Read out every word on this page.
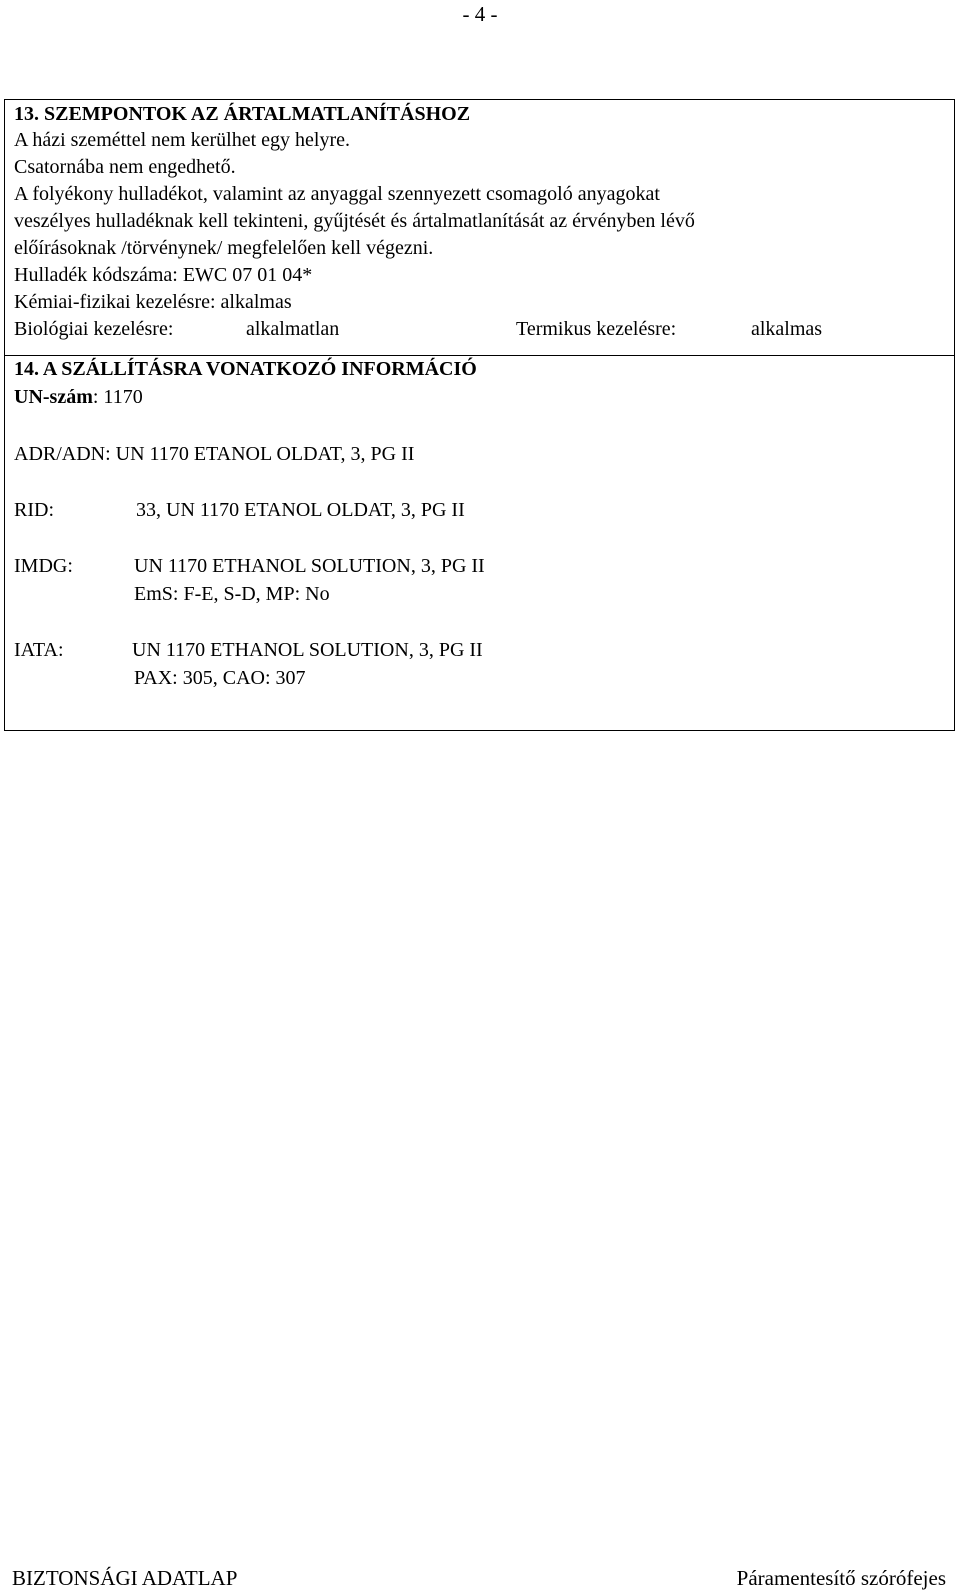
- 4 -
13. SZEMPONTOK AZ ÁRTALMATLANÍTÁSHOZ
A házi szeméttel nem kerülhet egy helyre.
Csatornába nem engedhető.
A folyékony hulladékot, valamint az anyaggal szennyezett csomagoló anyagokat
veszélyes hulladéknak kell tekinteni, gyűjtését és ártalmatlanítását az érvényben lévő
előírásoknak /törvénynek/ megfelelően kell végezni.
Hulladék kódszáma: EWC 07 01 04*
Kémiai-fizikai kezelésre: alkalmas
Biológiai kezelésre:	alkalmatlan	Termikus kezelésre:	alkalmas
14. A SZÁLLÍTÁSRA VONATKOZÓ INFORMÁCIÓ
UN-szám: 1170
ADR/ADN: UN 1170 ETANOL OLDAT, 3, PG II
RID:	33, UN 1170 ETANOL OLDAT, 3, PG II
IMDG:	UN 1170 ETHANOL SOLUTION, 3, PG II
EmS: F-E, S-D, MP: No
IATA:	UN 1170 ETHANOL SOLUTION, 3, PG II
PAX: 305, CAO: 307
BIZTONSÁGI ADATLAP	Páramentesítő szórófejes
